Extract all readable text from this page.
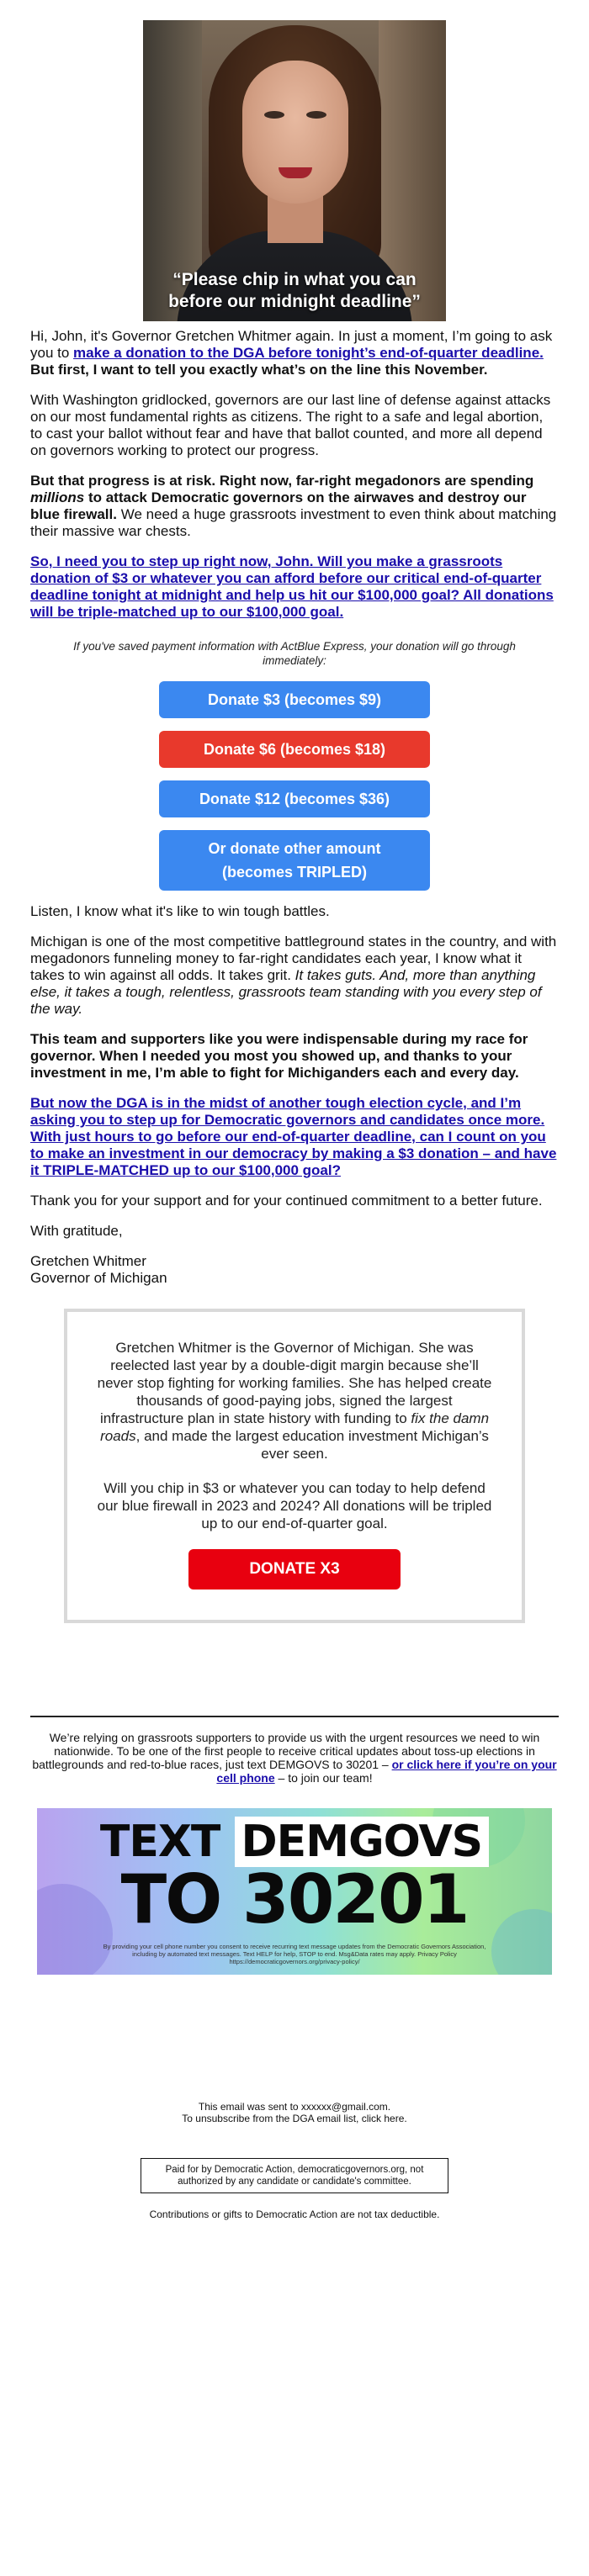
“Please chip in what you can
before our midnight deadline”

Hi, John, it's Governor Gretchen Whitmer again. In just a moment, I’m going to ask you to make a donation to the DGA before tonight’s end-of-quarter deadline. But first, I want to tell you exactly what’s on the line this November.

With Washington gridlocked, governors are our last line of defense against attacks on our most fundamental rights as citizens. The right to a safe and legal abortion, to cast your ballot without fear and have that ballot counted, and more all depend on governors working to protect our progress.

But that progress is at risk. Right now, far-right megadonors are spending millions to attack Democratic governors on the airwaves and destroy our blue firewall. We need a huge grassroots investment to even think about matching their massive war chests.

So, I need you to step up right now, John. Will you make a grassroots donation of $3 or whatever you can afford before our critical end-of-quarter deadline tonight at midnight and help us hit our $100,000 goal? All donations will be triple-matched up to our $100,000 goal.

If you've saved payment information with ActBlue Express, your donation will go through immediately:
Donate $3 (becomes $9)
Donate $6 (becomes $18)
Donate $12 (becomes $36)
Or donate other amount
(becomes TRIPLED)

Listen, I know what it's like to win tough battles.

Michigan is one of the most competitive battleground states in the country, and with megadonors funneling money to far-right candidates each year, I know what it takes to win against all odds. It takes grit. It takes guts. And, more than anything else, it takes a tough, relentless, grassroots team standing with you every step of the way.

This team and supporters like you were indispensable during my race for governor. When I needed you most you showed up, and thanks to your investment in me, I’m able to fight for Michiganders each and every day.

But now the DGA is in the midst of another tough election cycle, and I’m asking you to step up for Democratic governors and candidates once more. With just hours to go before our end-of-quarter deadline, can I count on you to make an investment in our democracy by making a $3 donation – and have it TRIPLE-MATCHED up to our $100,000 goal?

Thank you for your support and for your continued commitment to a better future.

With gratitude,

Gretchen Whitmer
Governor of Michigan

Gretchen Whitmer is the Governor of Michigan. She was reelected last year by a double-digit margin because she’ll never stop fighting for working families. She has helped create thousands of good-paying jobs, signed the largest infrastructure plan in state history with funding to fix the damn roads, and made the largest education investment Michigan’s ever seen.

Will you chip in $3 or whatever you can today to help defend our blue firewall in 2023 and 2024? All donations will be tripled up to our end-of-quarter goal.

DONATE X3
We’re relying on grassroots supporters to provide us with the urgent resources we need to win nationwide. To be one of the first people to receive critical updates about toss-up elections in battlegrounds and red-to-blue races, just text DEMGOVS to 30201 – or click here if you’re on your cell phone – to join our team!
TEXT DEMGOVS
TO 30201
By providing your cell phone number you consent to receive recurring text message updates from the Democratic Governors Association, including by automated text messages. Text HELP for help, STOP to end. Msg&Data rates may apply. Privacy Policy https://democraticgovernors.org/privacy-policy/
This email was sent to xxxxxx@gmail.com.
To unsubscribe from the DGA email list, click here.
Paid for by Democratic Action, democraticgovernors.org, not authorized by any candidate or candidate's committee.
Contributions or gifts to Democratic Action are not tax deductible.
